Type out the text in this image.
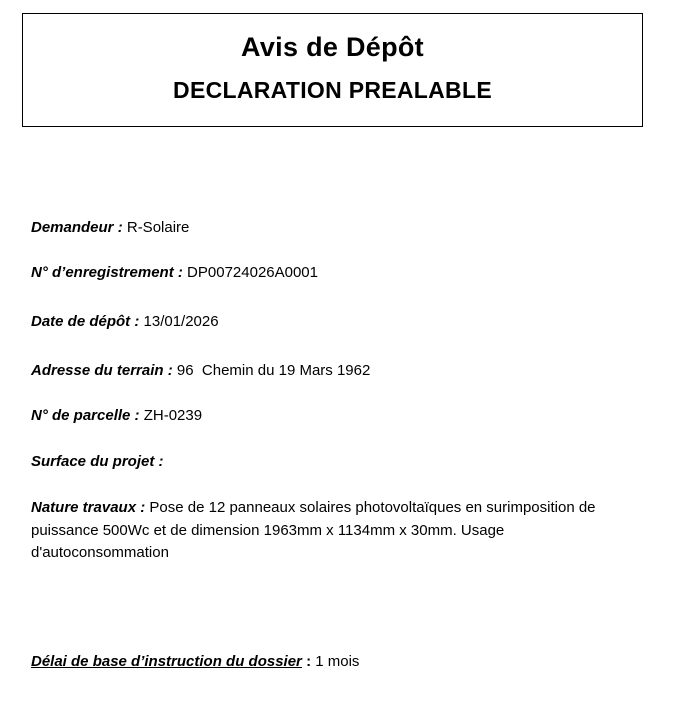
Avis de Dépôt
DECLARATION PREALABLE

Demandeur : R-Solaire

N° d’enregistrement : DP00724026A0001

Date de dépôt : 13/01/2026

Adresse du terrain : 96  Chemin du 19 Mars 1962

N° de parcelle : ZH-0239

Surface du projet :

Nature travaux : Pose de 12 panneaux solaires photovoltaïques en surimposition de puissance 500Wc et de dimension 1963mm x 1134mm x 30mm. Usage d'autoconsommation

Délai de base d’instruction du dossier : 1 mois
